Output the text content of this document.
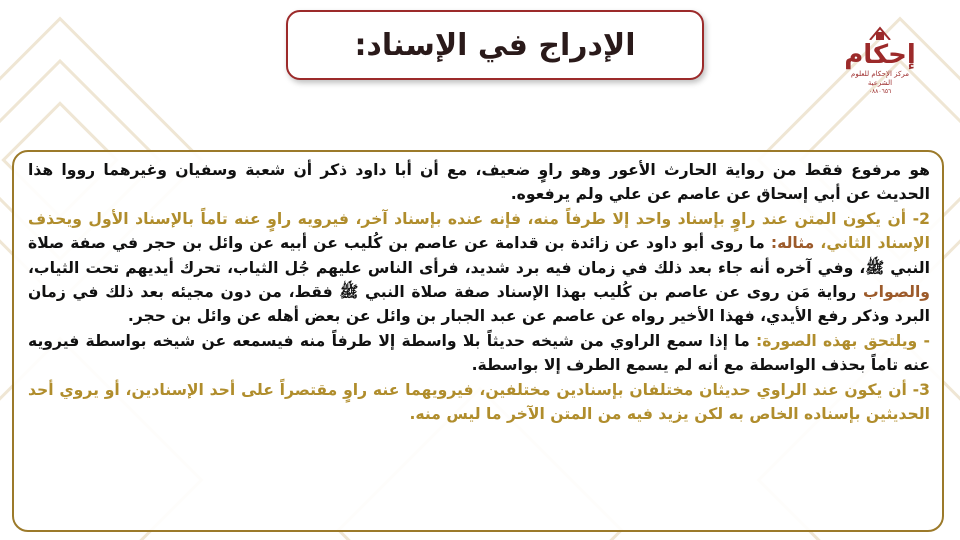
الإدراج في الإسناد:	إحكام
مركز الإحكام للعلوم الشرعية
٠٨٨٠٦٥٦

هو مرفوع فقط من رواية الحارث الأعور وهو راوٍ ضعيف، مع أن أبا داود ذكر أن شعبة وسفيان وغيرهما رووا هذا الحديث عن أبي إسحاق عن عاصم عن علي ولم يرفعوه.

2- أن يكون المتن عند راوٍ بإسناد واحد إلا طرفاً منه، فإنه عنده بإسناد آخر، فيرويه راوٍ عنه تاماً بالإسناد الأول ويحذف الإسناد الثاني، مثاله: ما روى أبو داود عن زائدة بن قدامة عن عاصم بن كُليب عن أبيه عن وائل بن حجر في صفة صلاة النبي ﷺ، وفي آخره أنه جاء بعد ذلك في زمان فيه برد شديد، فرأى الناس عليهم جُل الثياب، تحرك أيديهم تحت الثياب، والصواب رواية مَن روى عن عاصم بن كُليب بهذا الإسناد صفة صلاة النبي ﷺ فقط، من دون مجيئه بعد ذلك في زمان البرد وذكر رفع الأيدي، فهذا الأخير رواه عن عاصم عن عبد الجبار بن وائل عن بعض أهله عن وائل بن حجر.

- ويلتحق بهذه الصورة: ما إذا سمع الراوي من شيخه حديثاً بلا واسطة إلا طرفاً منه فيسمعه عن شيخه بواسطة فيرويه عنه تاماً بحذف الواسطة مع أنه لم يسمع الطرف إلا بواسطة.

3- أن يكون عند الراوي حديثان مختلفان بإسنادين مختلفين، فيرويهما عنه راوٍ مقتصراً على أحد الإسنادين، أو يروي أحد الحديثين بإسناده الخاص به لكن يزيد فيه من المتن الآخر ما ليس منه.
